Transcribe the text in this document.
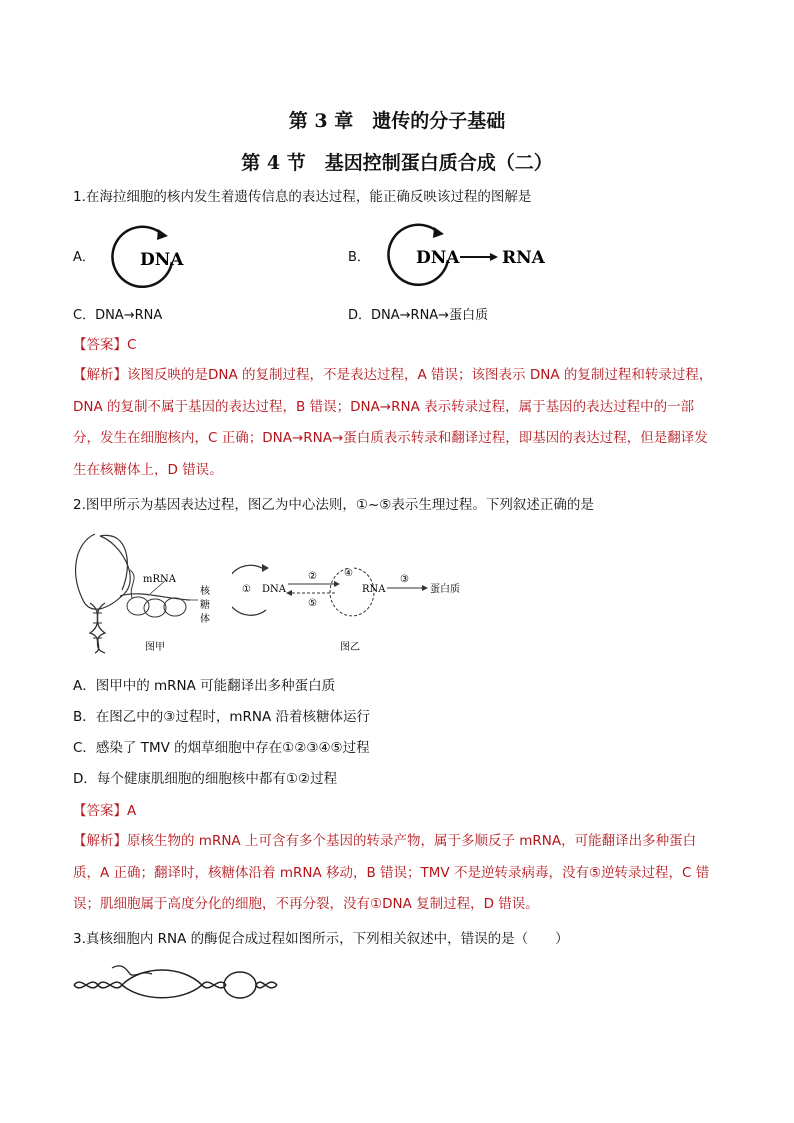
第 3 章　遗传的分子基础
第 4 节　基因控制蛋白质合成（二）
1.在海拉细胞的核内发生着遗传信息的表达过程，能正确反映该过程的图解是
A．	DNA	B．	DNA	RNA
C．DNA→RNA	D．DNA→RNA→蛋白质
【答案】C
【解析】该图反映的是DNA 的复制过程，不是表达过程，A 错误；该图表示 DNA 的复制过程和转录过程，DNA 的复制不属于基因的表达过程，B 错误；DNA→RNA 表示转录过程，属于基因的表达过程中的一部分，发生在细胞核内，C 正确；DNA→RNA→蛋白质表示转录和翻译过程，即基因的表达过程，但是翻译发生在核糖体上，D 错误。
2.图甲所示为基因表达过程，图乙为中心法则，①~⑤表示生理过程。下列叙述正确的是
mRNA
核
糖
体
图甲
① DNA
②
⑤
④
RNA
③
蛋白质
图乙
A．图甲中的 mRNA 可能翻译出多种蛋白质
B．在图乙中的③过程时，mRNA 沿着核糖体运行
C．感染了 TMV 的烟草细胞中存在①②③④⑤过程
D．每个健康肌细胞的细胞核中都有①②过程
【答案】A
【解析】原核生物的 mRNA 上可含有多个基因的转录产物，属于多顺反子 mRNA，可能翻译出多种蛋白质，A 正确；翻译时，核糖体沿着 mRNA 移动，B 错误；TMV 不是逆转录病毒，没有⑤逆转录过程，C 错误；肌细胞属于高度分化的细胞，不再分裂，没有①DNA 复制过程，D 错误。
3.真核细胞内 RNA 的酶促合成过程如图所示，下列相关叙述中，错误的是（　　）
